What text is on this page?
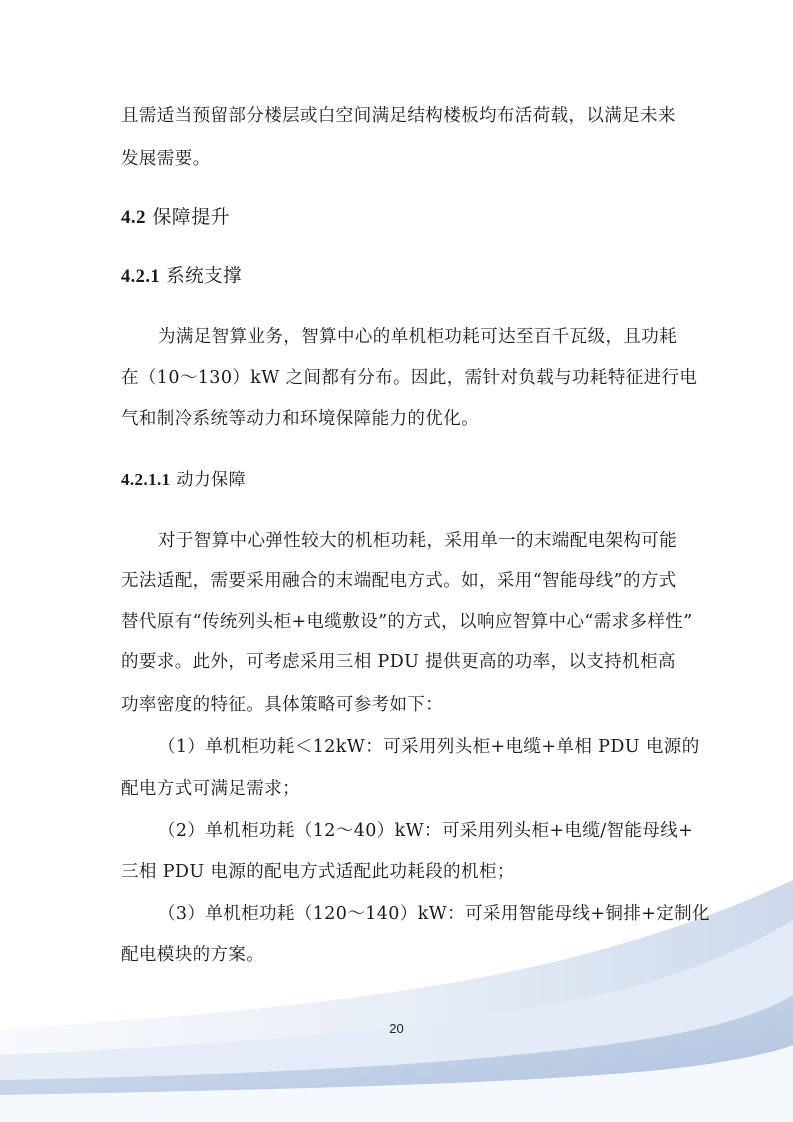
且需适当预留部分楼层或白空间满足结构楼板均布活荷载，以满足未来
发展需要。
4.2 保障提升
4.2.1 系统支撑
为满足智算业务，智算中心的单机柜功耗可达至百千瓦级，且功耗
在（10～130）kW 之间都有分布。因此，需针对负载与功耗特征进行电
气和制冷系统等动力和环境保障能力的优化。
4.2.1.1 动力保障
对于智算中心弹性较大的机柜功耗，采用单一的末端配电架构可能
无法适配，需要采用融合的末端配电方式。如，采用“智能母线”的方式
替代原有“传统列头柜+电缆敷设”的方式，以响应智算中心“需求多样性”
的要求。此外，可考虑采用三相 PDU 提供更高的功率，以支持机柜高
功率密度的特征。具体策略可参考如下：
（1）单机柜功耗＜12kW：可采用列头柜+电缆+单相 PDU 电源的
配电方式可满足需求；
（2）单机柜功耗（12～40）kW：可采用列头柜+电缆/智能母线+
三相 PDU 电源的配电方式适配此功耗段的机柜；
（3）单机柜功耗（120～140）kW：可采用智能母线+铜排+定制化
配电模块的方案。
20
